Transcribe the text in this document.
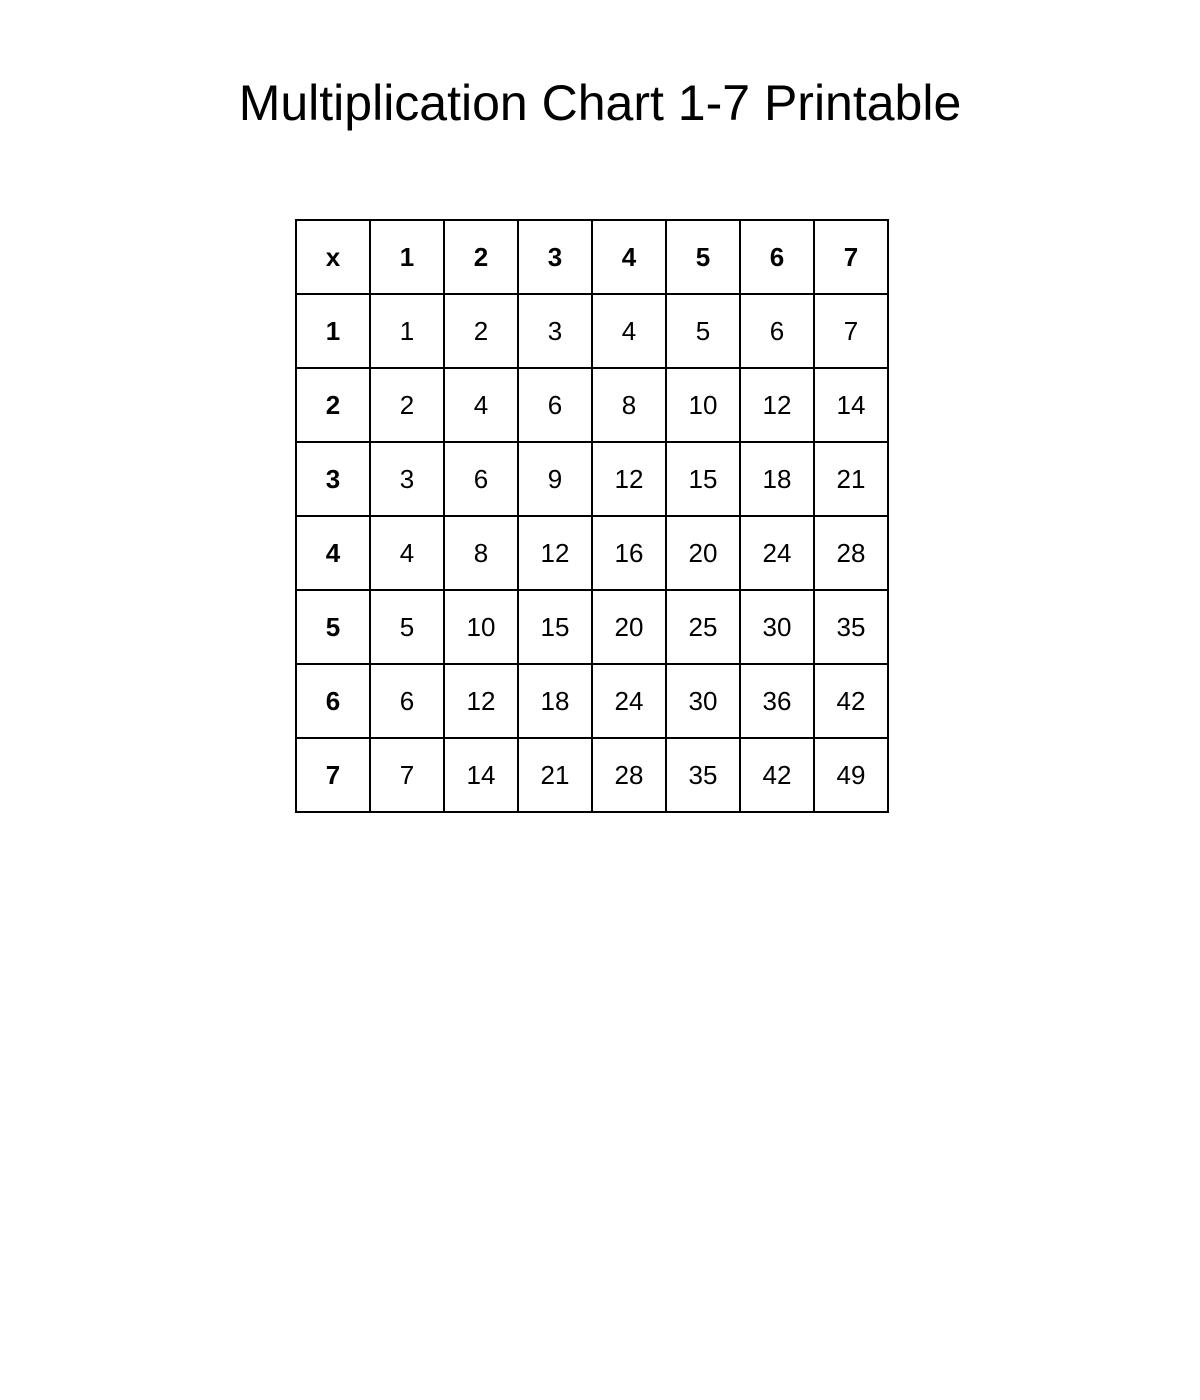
Multiplication Chart 1-7 Printable
x	1	2	3	4	5	6	7
1	1	2	3	4	5	6	7
2	2	4	6	8	10	12	14
3	3	6	9	12	15	18	21
4	4	8	12	16	20	24	28
5	5	10	15	20	25	30	35
6	6	12	18	24	30	36	42
7	7	14	21	28	35	42	49
